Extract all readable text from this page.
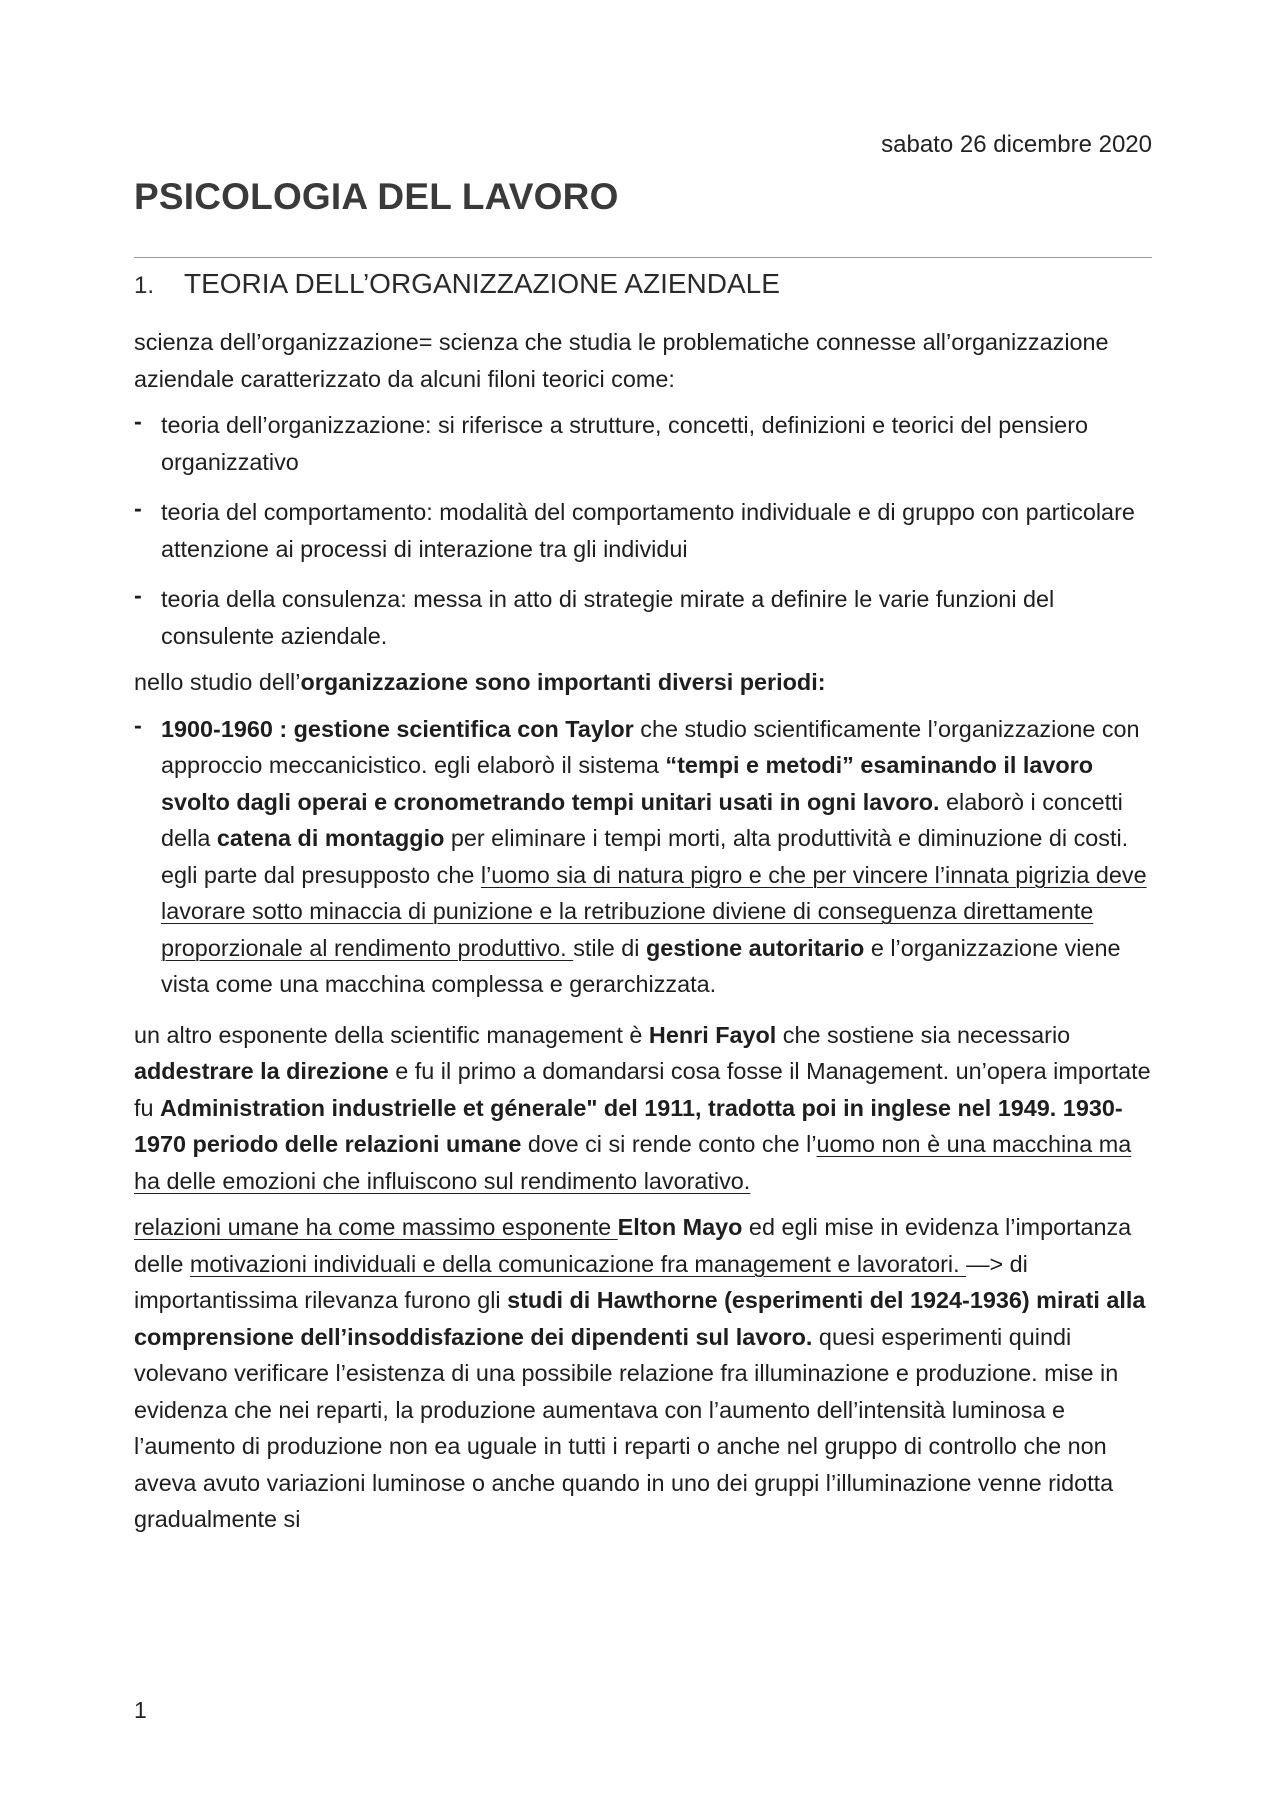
sabato 26 dicembre 2020
PSICOLOGIA DEL LAVORO
1. TEORIA DELL’ORGANIZZAZIONE AZIENDALE

scienza dell’organizzazione= scienza che studia le problematiche connesse all’organizzazione aziendale caratterizzato da alcuni filoni teorici come:

- teoria dell’organizzazione: si riferisce a strutture, concetti, definizioni e teorici del pensiero organizzativo
- teoria del comportamento: modalità del comportamento individuale e di gruppo con particolare attenzione ai processi di interazione tra gli individui
- teoria della consulenza: messa in atto di strategie mirate a definire le varie funzioni del consulente aziendale.

nello studio dell’organizzazione sono importanti diversi periodi:

- 1900-1960 : gestione scientifica con Taylor che studio scientificamente l’organizzazione con approccio meccanicistico. egli elaborò il sistema “tempi e metodi” esaminando il lavoro svolto dagli operai e cronometrando tempi unitari usati in ogni lavoro. elaborò i concetti della catena di montaggio per eliminare i tempi morti, alta produttività e diminuzione di costi. egli parte dal presupposto che l’uomo sia di natura pigro e che per vincere l’innata pigrizia deve lavorare sotto minaccia di punizione e la retribuzione diviene di conseguenza direttamente proporzionale al rendimento produttivo. stile di gestione autoritario e l’organizzazione viene vista come una macchina complessa e gerarchizzata.

un altro esponente della scientific management è Henri Fayol che sostiene sia necessario addestrare la direzione e fu il primo a domandarsi cosa fosse il Management. un’opera importate fu Administration industrielle et génerale" del 1911, tradotta poi in inglese nel 1949. 1930-1970 periodo delle relazioni umane dove ci si rende conto che l’uomo non è una macchina ma ha delle emozioni che influiscono sul rendimento lavorativo.

relazioni umane ha come massimo esponente Elton Mayo ed egli mise in evidenza l’importanza delle motivazioni individuali e della comunicazione fra management e lavoratori. —> di importantissima rilevanza furono gli studi di Hawthorne (esperimenti del 1924-1936) mirati alla comprensione dell’insoddisfazione dei dipendenti sul lavoro. quesi esperimenti quindi volevano verificare l’esistenza di una possibile relazione fra illuminazione e produzione. mise in evidenza che nei reparti, la produzione aumentava con l’aumento dell’intensità luminosa e l’aumento di produzione non ea uguale in tutti i reparti o anche nel gruppo di controllo che non aveva avuto variazioni luminose o anche quando in uno dei gruppi l’illuminazione venne ridotta gradualmente si

1
